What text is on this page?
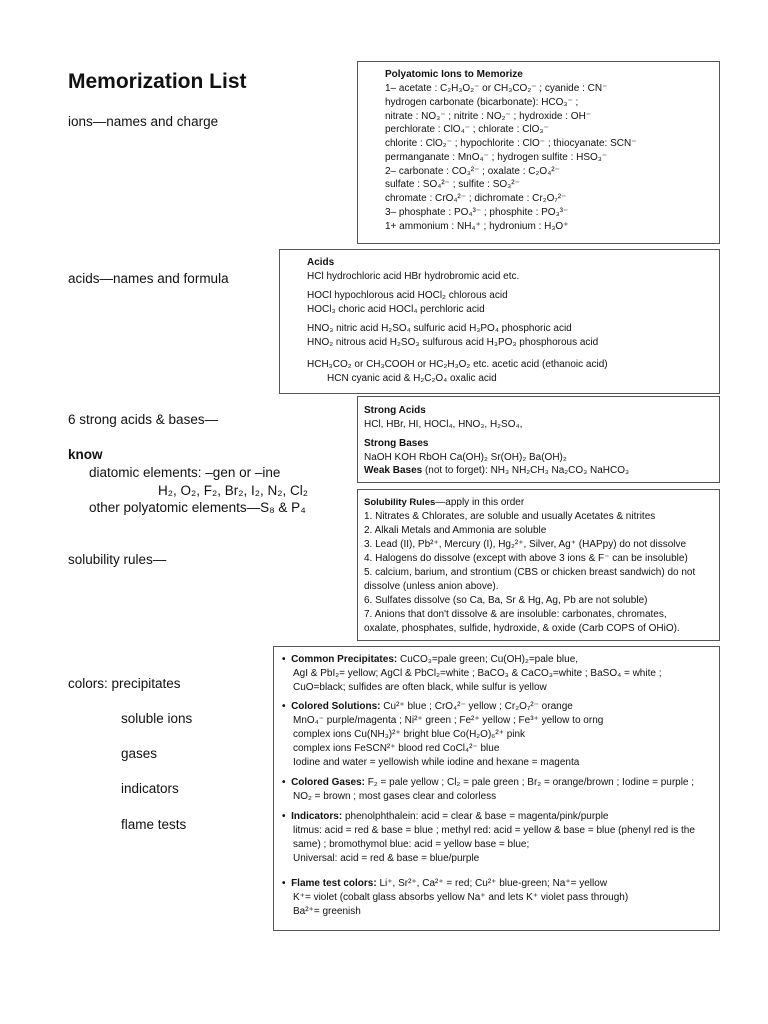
Memorization List
ions—names and charge
acids—names and formula
6 strong acids & bases—
know
diatomic elements: –gen or –ine
H₂, O₂, F₂, Br₂, I₂, N₂, Cl₂
other polyatomic elements—S₈ & P₄
solubility rules—
colors: precipitates
soluble ions
gases
indicators
flame tests
Polyatomic Ions to Memorize
1– acetate : C₂H₃O₂⁻ or CH₃CO₂⁻ ; cyanide : CN⁻
hydrogen carbonate (bicarbonate): HCO₃⁻ ;
nitrate : NO₃⁻ ; nitrite : NO₂⁻ ; hydroxide : OH⁻
perchlorate : ClO₄⁻ ; chlorate : ClO₃⁻
chlorite : ClO₂⁻ ; hypochlorite : ClO⁻ ; thiocyanate: SCN⁻
permanganate : MnO₄⁻ ; hydrogen sulfite : HSO₃⁻
2– carbonate : CO₃²⁻ ; oxalate : C₂O₄²⁻
sulfate : SO₄²⁻ ; sulfite : SO₃²⁻
chromate : CrO₄²⁻ ; dichromate : Cr₂O₇²⁻
3– phosphate : PO₄³⁻ ; phosphite : PO₃³⁻
1+ ammonium : NH₄⁺ ; hydronium : H₃O⁺
Acids
HCl hydrochloric acid HBr hydrobromic acid etc.
HOCl hypochlorous acid HOCl₂ chlorous acid
HOCl₃ choric acid HOCl₄ perchloric acid
HNO₃ nitric acid H₂SO₄ sulfuric acid H₃PO₄ phosphoric acid
HNO₂ nitrous acid H₂SO₃ sulfurous acid H₃PO₃ phosphorous acid
HCH₃CO₂ or CH₃COOH or HC₂H₃O₂ etc. acetic acid (ethanoic acid)
HCN cyanic acid & H₂C₂O₄ oxalic acid
Strong Acids
HCl, HBr, HI, HOCl₄, HNO₃, H₂SO₄,
Strong Bases
NaOH KOH RbOH Ca(OH)₂ Sr(OH)₂ Ba(OH)₂
Weak Bases (not to forget): NH₃ NH₂CH₃ Na₂CO₃ NaHCO₃
Solubility Rules—apply in this order
1. Nitrates & Chlorates, are soluble and usually Acetates & nitrites
2. Alkali Metals and Ammonia are soluble
3. Lead (II), Pb²⁺, Mercury (I), Hg₂²⁺, Silver, Ag⁺ (HAPpy) do not dissolve
4. Halogens do dissolve (except with above 3 ions & F⁻ can be insoluble)
5. calcium, barium, and strontium (CBS or chicken breast sandwich) do not
dissolve (unless anion above).
6. Sulfates dissolve (so Ca, Ba, Sr & Hg, Ag, Pb are not soluble)
7. Anions that don't dissolve & are insoluble: carbonates, chromates,
oxalate, phosphates, sulfide, hydroxide, & oxide (Carb COPS of OHiO).
• Common Precipitates: CuCO₃=pale green; Cu(OH)₂=pale blue,
AgI & PbI₂= yellow; AgCl & PbCl₂=white ; BaCO₃ & CaCO₃=white ; BaSO₄ = white ;
CuO=black; sulfides are often black, while sulfur is yellow
• Colored Solutions: Cu²⁺ blue ; CrO₄²⁻ yellow ; Cr₂O₇²⁻ orange
MnO₄⁻ purple/magenta ; Ni²⁺ green ; Fe²⁺ yellow ; Fe³⁺ yellow to orng
complex ions Cu(NH₃)²⁺ bright blue Co(H₂O)₆²⁺ pink
complex ions FeSCN²⁺ blood red CoCl₄²⁻ blue
Iodine and water = yellowish while iodine and hexane = magenta
• Colored Gases: F₂ = pale yellow ; Cl₂ = pale green ; Br₂ = orange/brown ; Iodine = purple ;
NO₂ = brown ; most gases clear and colorless
• Indicators: phenolphthalein: acid = clear & base = magenta/pink/purple
litmus: acid = red & base = blue ; methyl red: acid = yellow & base = blue (phenyl red is the
same) ; bromothymol blue: acid = yellow base = blue;
Universal: acid = red & base = blue/purple
• Flame test colors: Li⁺, Sr²⁺, Ca²⁺ = red; Cu²⁺ blue-green; Na⁺= yellow
K⁺= violet (cobalt glass absorbs yellow Na⁺ and lets K⁺ violet pass through)
Ba²⁺= greenish
